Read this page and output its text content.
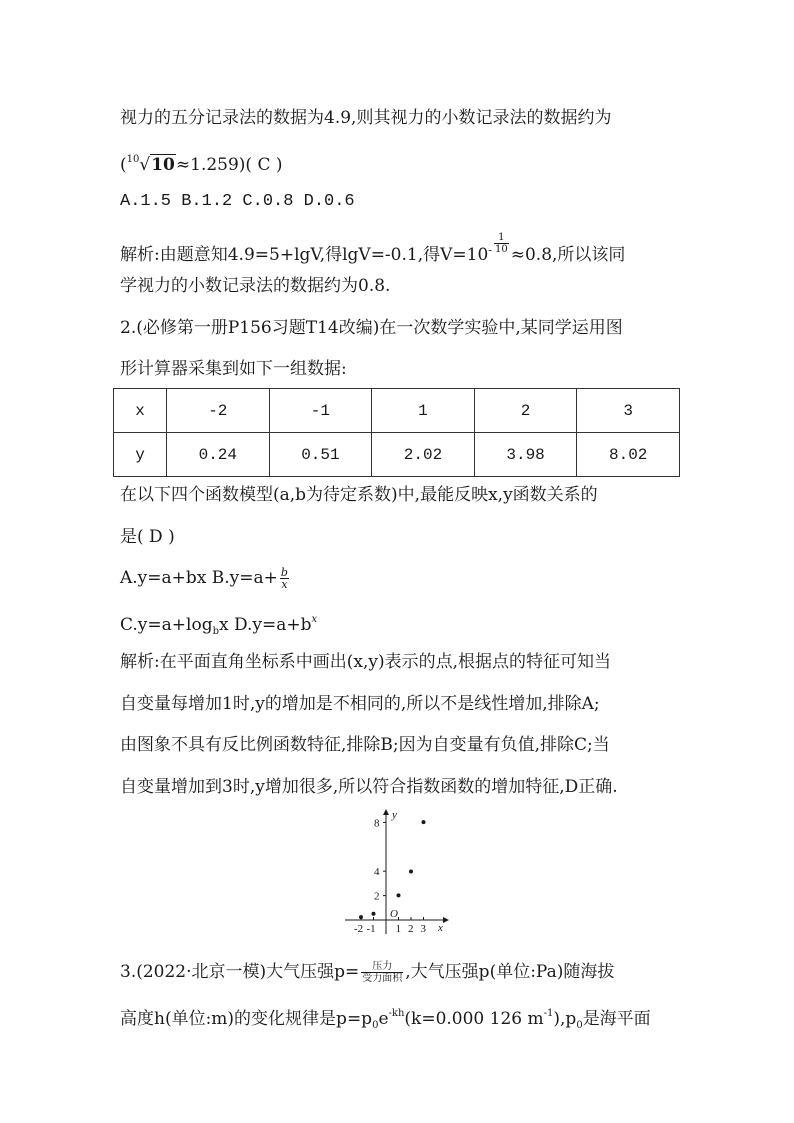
视力的五分记录法的数据为4.9,则其视力的小数记录法的数据约为
($^{10}$√10≈1.259)( C )
A.1.5 B.1.2 C.0.8 D.0.6
解析:由题意知4.9=5+lgV,得lgV=-0.1,得$V=10^- \frac{1}{10} \approx 0.8$,所以该同
学视力的小数记录法的数据约为0.8.
2.(必修第一册P156习题T14改编)在一次数学实验中,某同学运用图
形计算器采集到如下一组数据:
x	-2	-1	1	2	3
y	0.24	0.51	2.02	3.98	8.02
在以下四个函数模型(a,b为待定系数)中,最能反映x,y函数关系的
是( D )
A.y=a+bx $B.y=a+ \frac{b}{x}$
$C.y=a+\log_bx$ $D.y=a+b^x$
解析:在平面直角坐标系中画出(x,y)表示的点,根据点的特征可知当
自变量每增加1时,y的增加是不相同的,所以不是线性增加,排除A;
由图象不具有反比例函数特征,排除B;因为自变量有负值,排除C;当
自变量增加到3时,y增加很多,所以符合指数函数的增加特征,D正确.
y
x
O
8
4
2
-2 -1 1 2 3
3.(2022·北京一模)大气压强$p= \frac{\text{压力}}{\text{受力面积}}$ ,大气压强p(单位:Pa)随海拔
高度h(单位:m)的变化规律是$p=p_0e^{-kh}(k=0.000$ 126 $m^{-1}),p_0$是海平面
